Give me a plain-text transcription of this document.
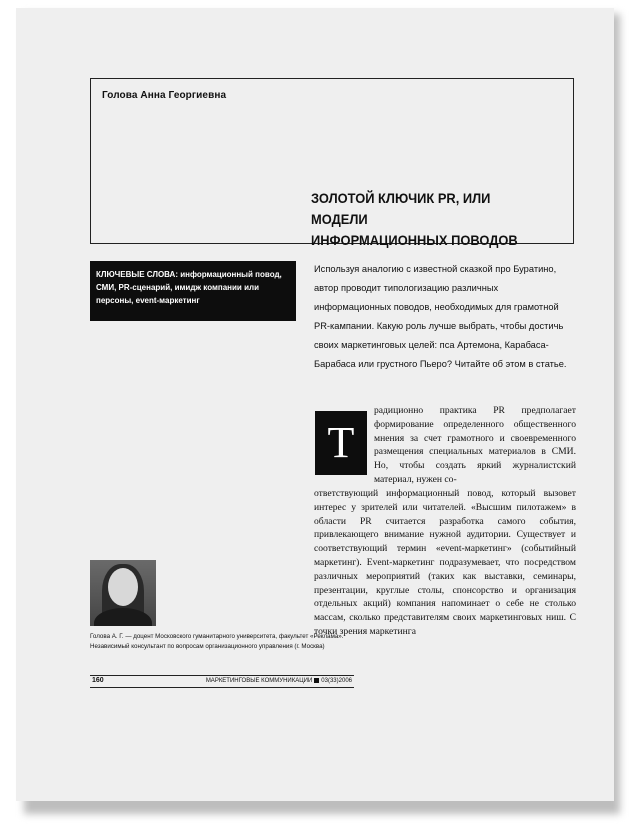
Голова Анна Георгиевна
ЗОЛОТОЙ КЛЮЧИК PR, ИЛИ МОДЕЛИ
ИНФОРМАЦИОННЫХ ПОВОДОВ
КЛЮЧЕВЫЕ СЛОВА: информационный повод, СМИ, PR-сценарий, имидж компании или персоны, event-маркетинг
Используя аналогию с известной сказкой про Буратино, автор проводит типологизацию различных информационных поводов, необходимых для грамотной PR-кампании. Какую роль лучше выбрать, чтобы достичь своих маркетинговых целей: пса Артемона, Карабаса-Барабаса или грустного Пьеро? Читайте об этом в статье.
Т
радиционно практика PR предполагает формирование определенного общественного мнения за счет грамотного и своевременного размещения специальных материалов в СМИ. Но, чтобы создать яркий журналистский материал, нужен со-
ответствующий информационный повод, который вызовет интерес у зрителей или читателей. «Высшим пилотажем» в области PR считается разработка самого события, привлекающего внимание нужной аудитории. Существует и соответствующий термин «event-маркетинг» (событийный маркетинг). Event-маркетинг подразумевает, что посредством различных мероприятий (таких как выставки, семинары, презентации, круглые столы, спонсорство и организация отдельных акций) компания напоминает о себе не столько массам, сколько представителям своих маркетинговых ниш. С точки зрения маркетинга
Голова А. Г. — доцент Московского гуманитарного университета, факультет «Реклама». Независимый консультант по вопросам организационного управления (г. Москва)
160	МАРКЕТИНГОВЫЕ КОММУНИКАЦИИ 03(33)2006
